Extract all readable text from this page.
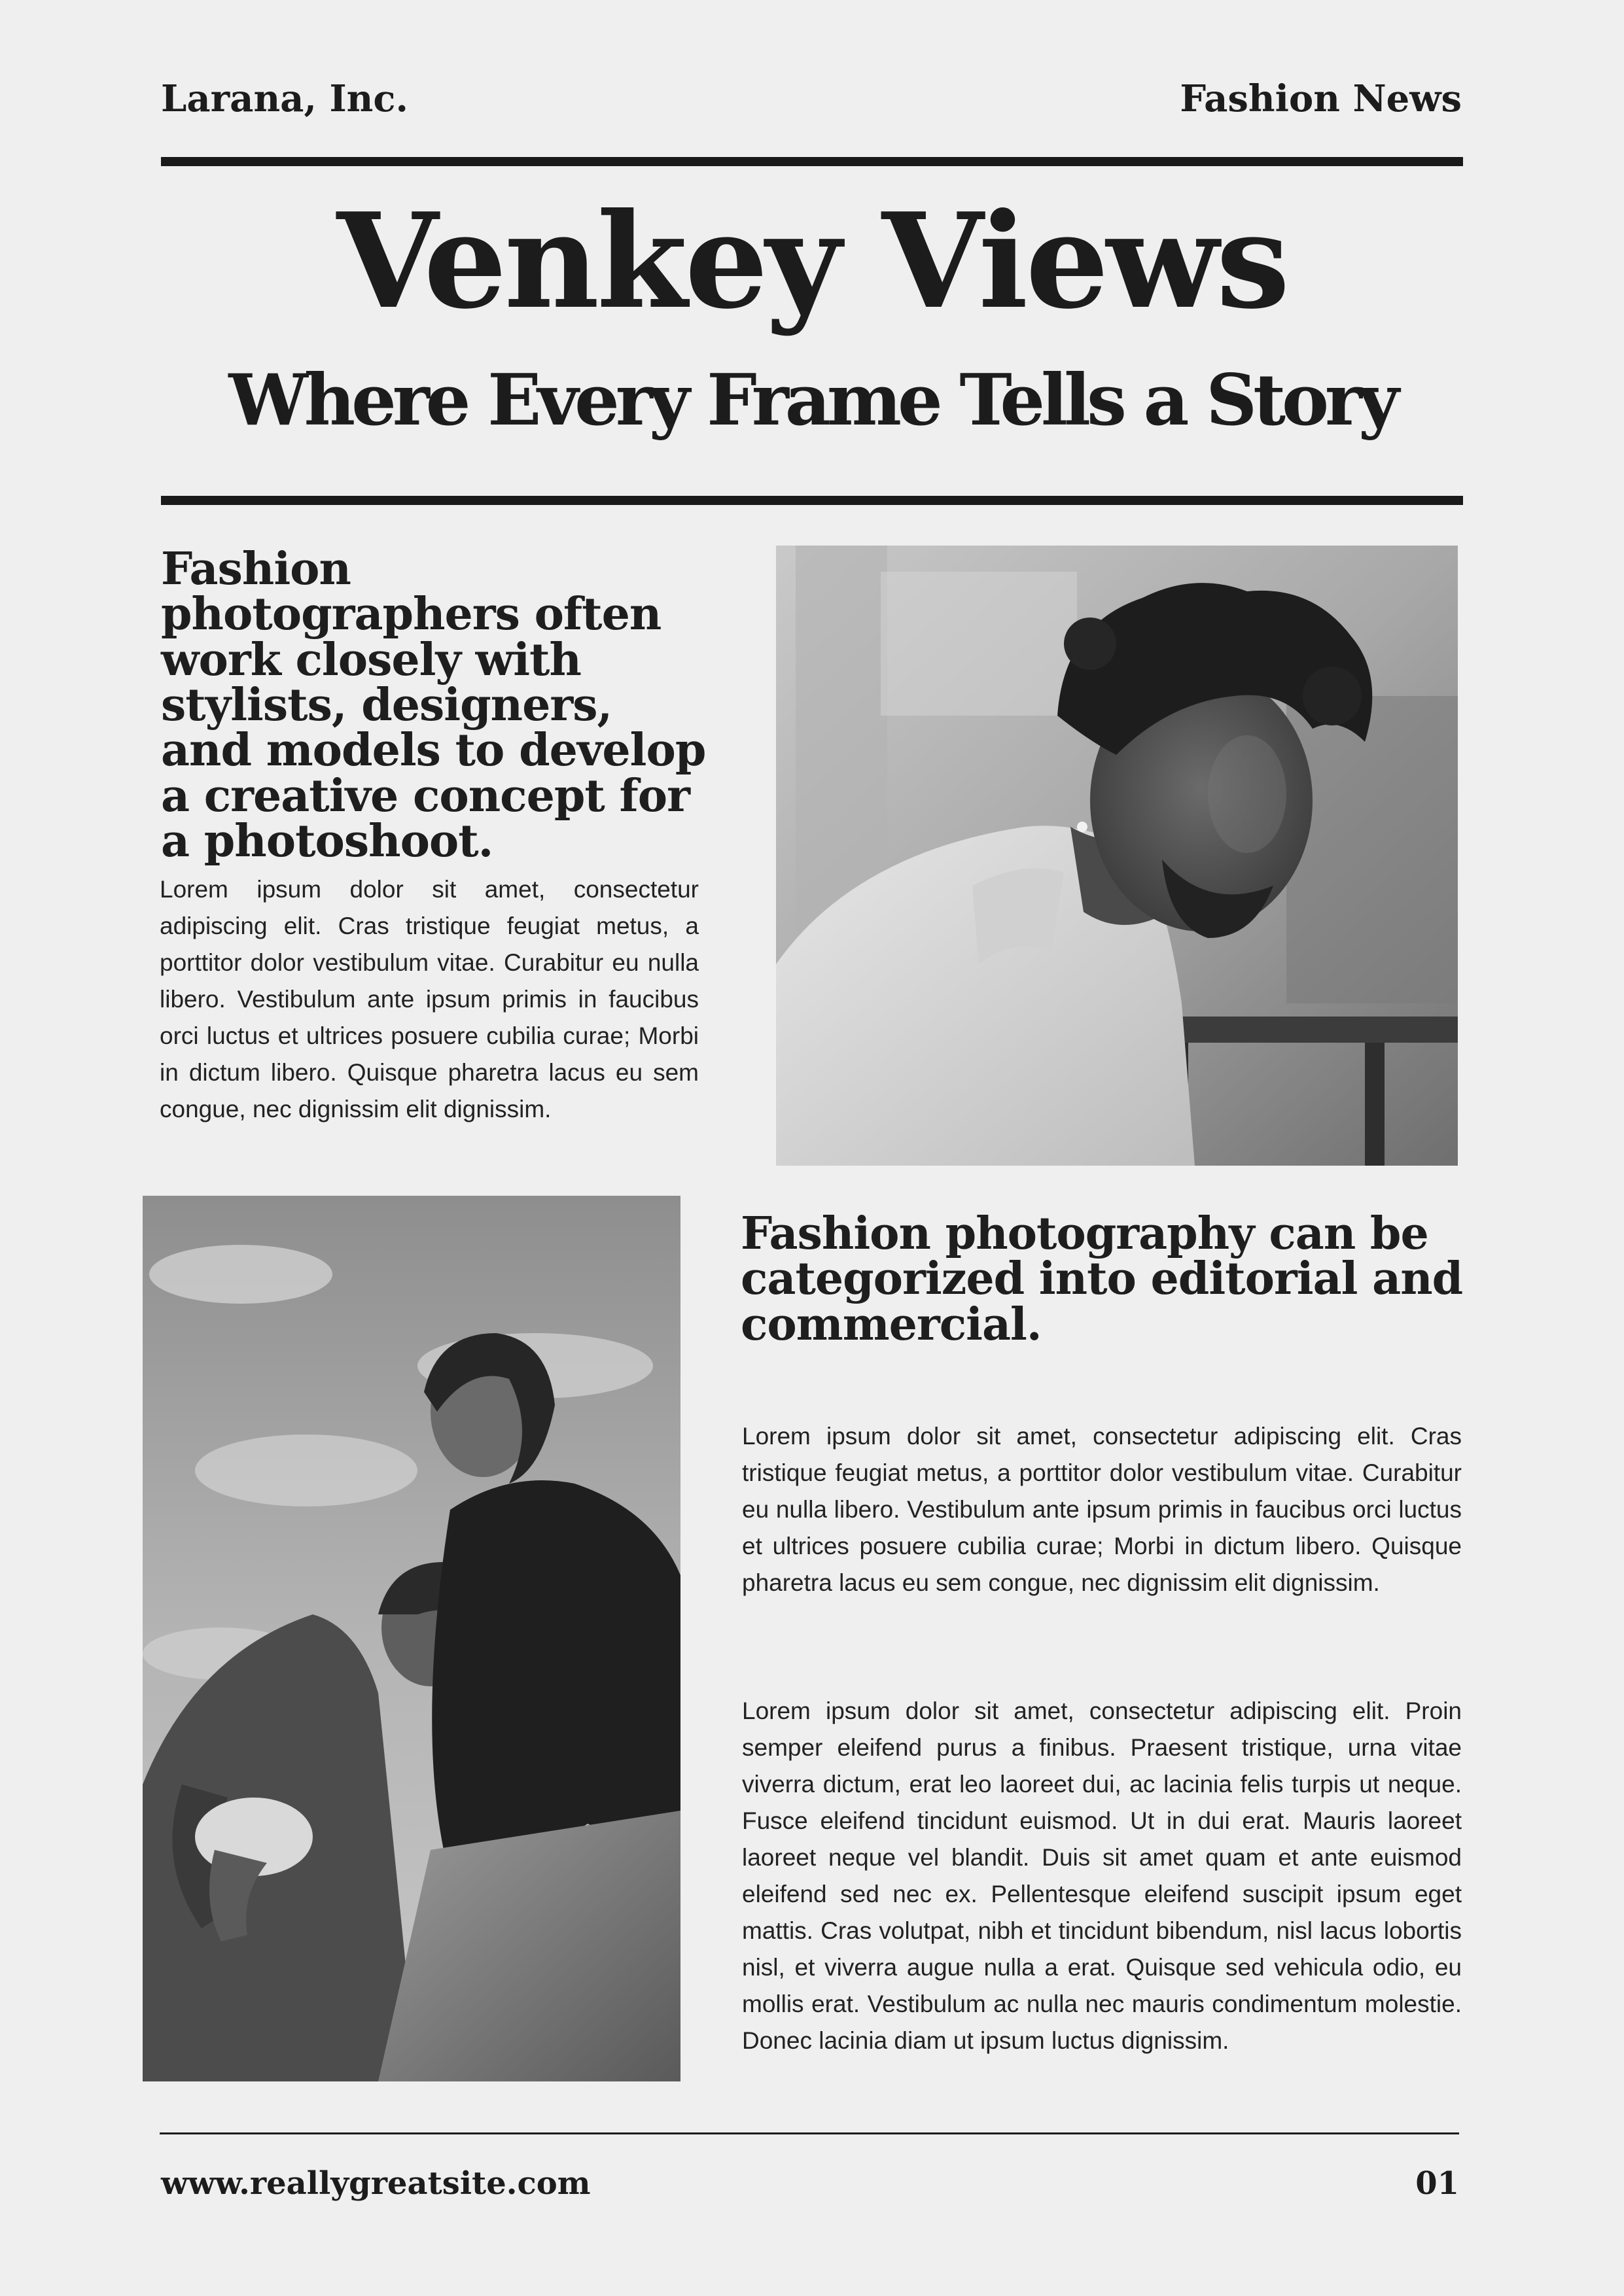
Larana, Inc.	Fashion News
Venkey Views
Where Every Frame Tells a Story
Fashion photographers often work closely with stylists, designers, and models to develop a creative concept for a photoshoot.
Lorem ipsum dolor sit amet, consectetur adipiscing elit. Cras tristique feugiat metus, a porttitor dolor vestibulum vitae. Curabitur eu nulla libero. Vestibulum ante ipsum primis in faucibus orci luctus et ultrices posuere cubilia curae; Morbi in dictum libero. Quisque pharetra lacus eu sem congue, nec dignissim elit dignissim.
Fashion photography can be categorized into editorial and commercial.
Lorem ipsum dolor sit amet, consectetur adipiscing elit. Cras tristique feugiat metus, a porttitor dolor vestibulum vitae. Curabitur eu nulla libero. Vestibulum ante ipsum primis in faucibus orci luctus et ultrices posuere cubilia curae; Morbi in dictum libero. Quisque pharetra lacus eu sem congue, nec dignissim elit dignissim.
Lorem ipsum dolor sit amet, consectetur adipiscing elit. Proin semper eleifend purus a finibus. Praesent tristique, urna vitae viverra dictum, erat leo laoreet dui, ac lacinia felis turpis ut neque. Fusce eleifend tincidunt euismod. Ut in dui erat. Mauris laoreet laoreet neque vel blandit. Duis sit amet quam et ante euismod eleifend sed nec ex. Pellentesque eleifend suscipit ipsum eget mattis. Cras volutpat, nibh et tincidunt bibendum, nisl lacus lobortis nisl, et viverra augue nulla a erat. Quisque sed vehicula odio, eu mollis erat. Vestibulum ac nulla nec mauris condimentum molestie. Donec lacinia diam ut ipsum luctus dignissim.
www.reallygreatsite.com	01
